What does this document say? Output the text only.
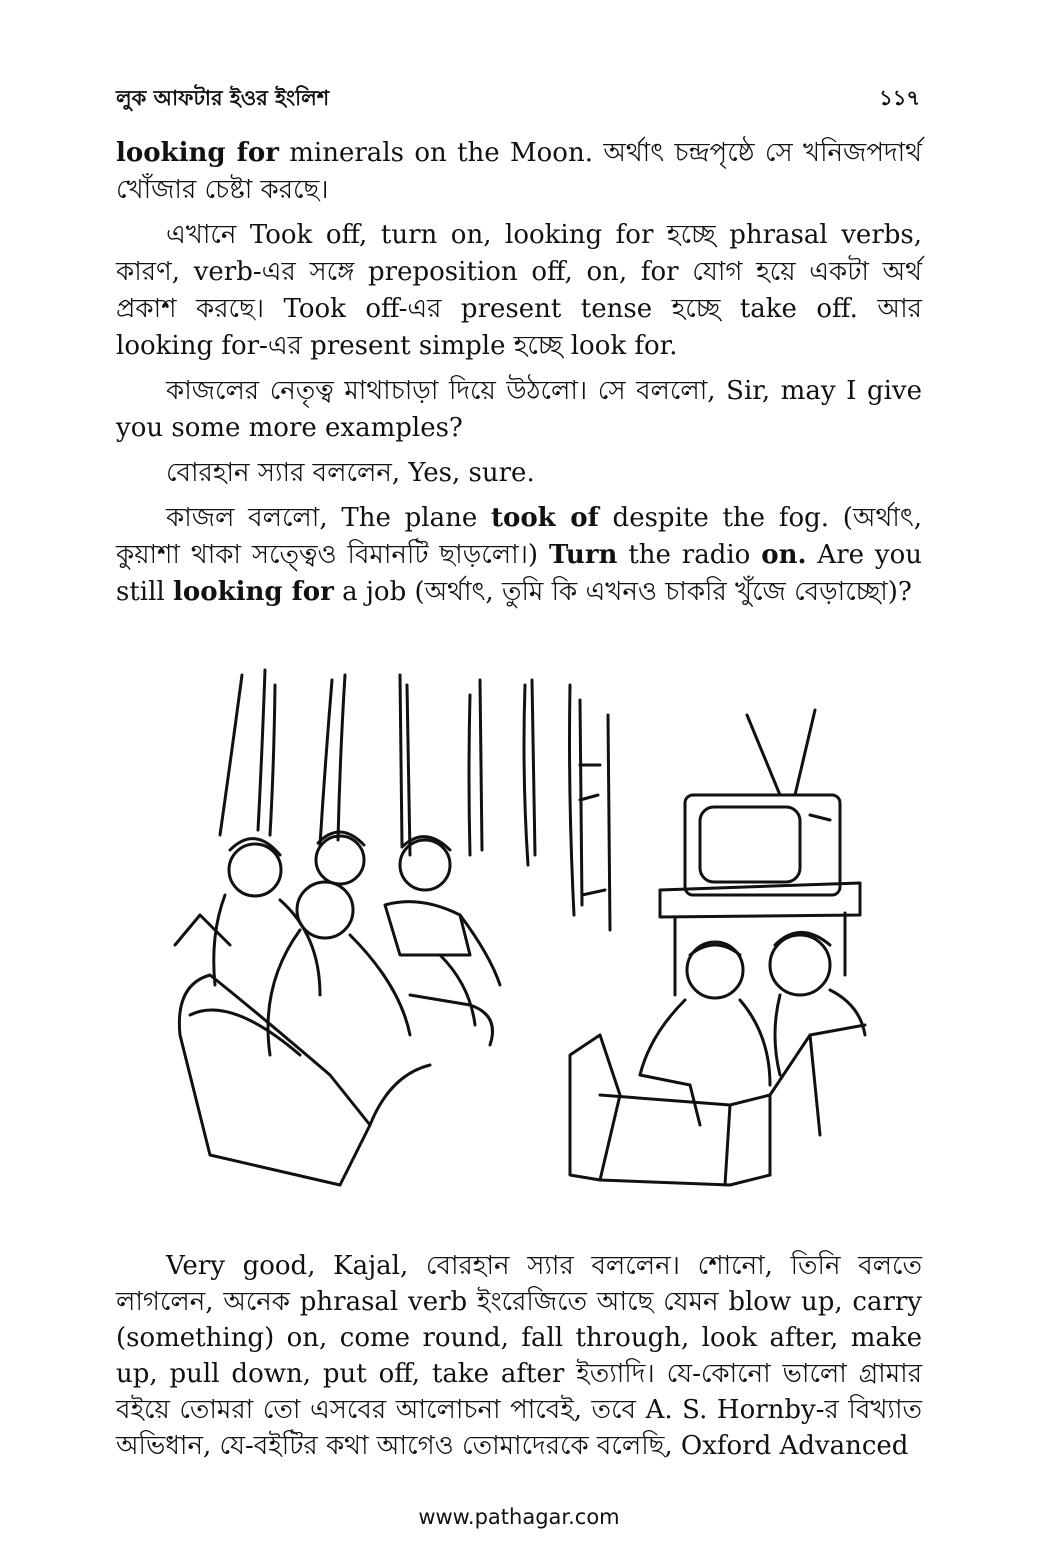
লুক আফটার ইওর ইংলিশ	১১৭

looking for minerals on the Moon. অর্থাৎ চন্দ্রপৃষ্ঠে সে খনিজপদার্থ খোঁজার চেষ্টা করছে।

এখানে Took off, turn on, looking for হচ্ছে phrasal verbs, কারণ, verb-এর সঙ্গে preposition off, on, for যোগ হয়ে একটা অর্থ প্রকাশ করছে। Took off-এর present tense হচ্ছে take off. আর looking for-এর present simple হচ্ছে look for.

কাজলের নেতৃত্ব মাথাচাড়া দিয়ে উঠলো। সে বললো, Sir, may I give you some more examples?

বোরহান স্যার বললেন, Yes, sure.

কাজল বললো, The plane took of despite the fog. (অর্থাৎ, কুয়াশা থাকা সত্ত্বেও বিমানটি ছাড়লো।) Turn the radio on. Are you still looking for a job (অর্থাৎ, তুমি কি এখনও চাকরি খুঁজে বেড়াচ্ছো)?

Very good, Kajal, বোরহান স্যার বললেন। শোনো, তিনি বলতে লাগলেন, অনেক phrasal verb ইংরেজিতে আছে যেমন blow up, carry (something) on, come round, fall through, look after, make up, pull down, put off, take after ইত্যাদি। যে-কোনো ভালো গ্রামার বইয়ে তোমরা তো এসবের আলোচনা পাবেই, তবে A. S. Hornby-র বিখ্যাত অভিধান, যে-বইটির কথা আগেও তোমাদেরকে বলেছি, Oxford Advanced

www.pathagar.com
